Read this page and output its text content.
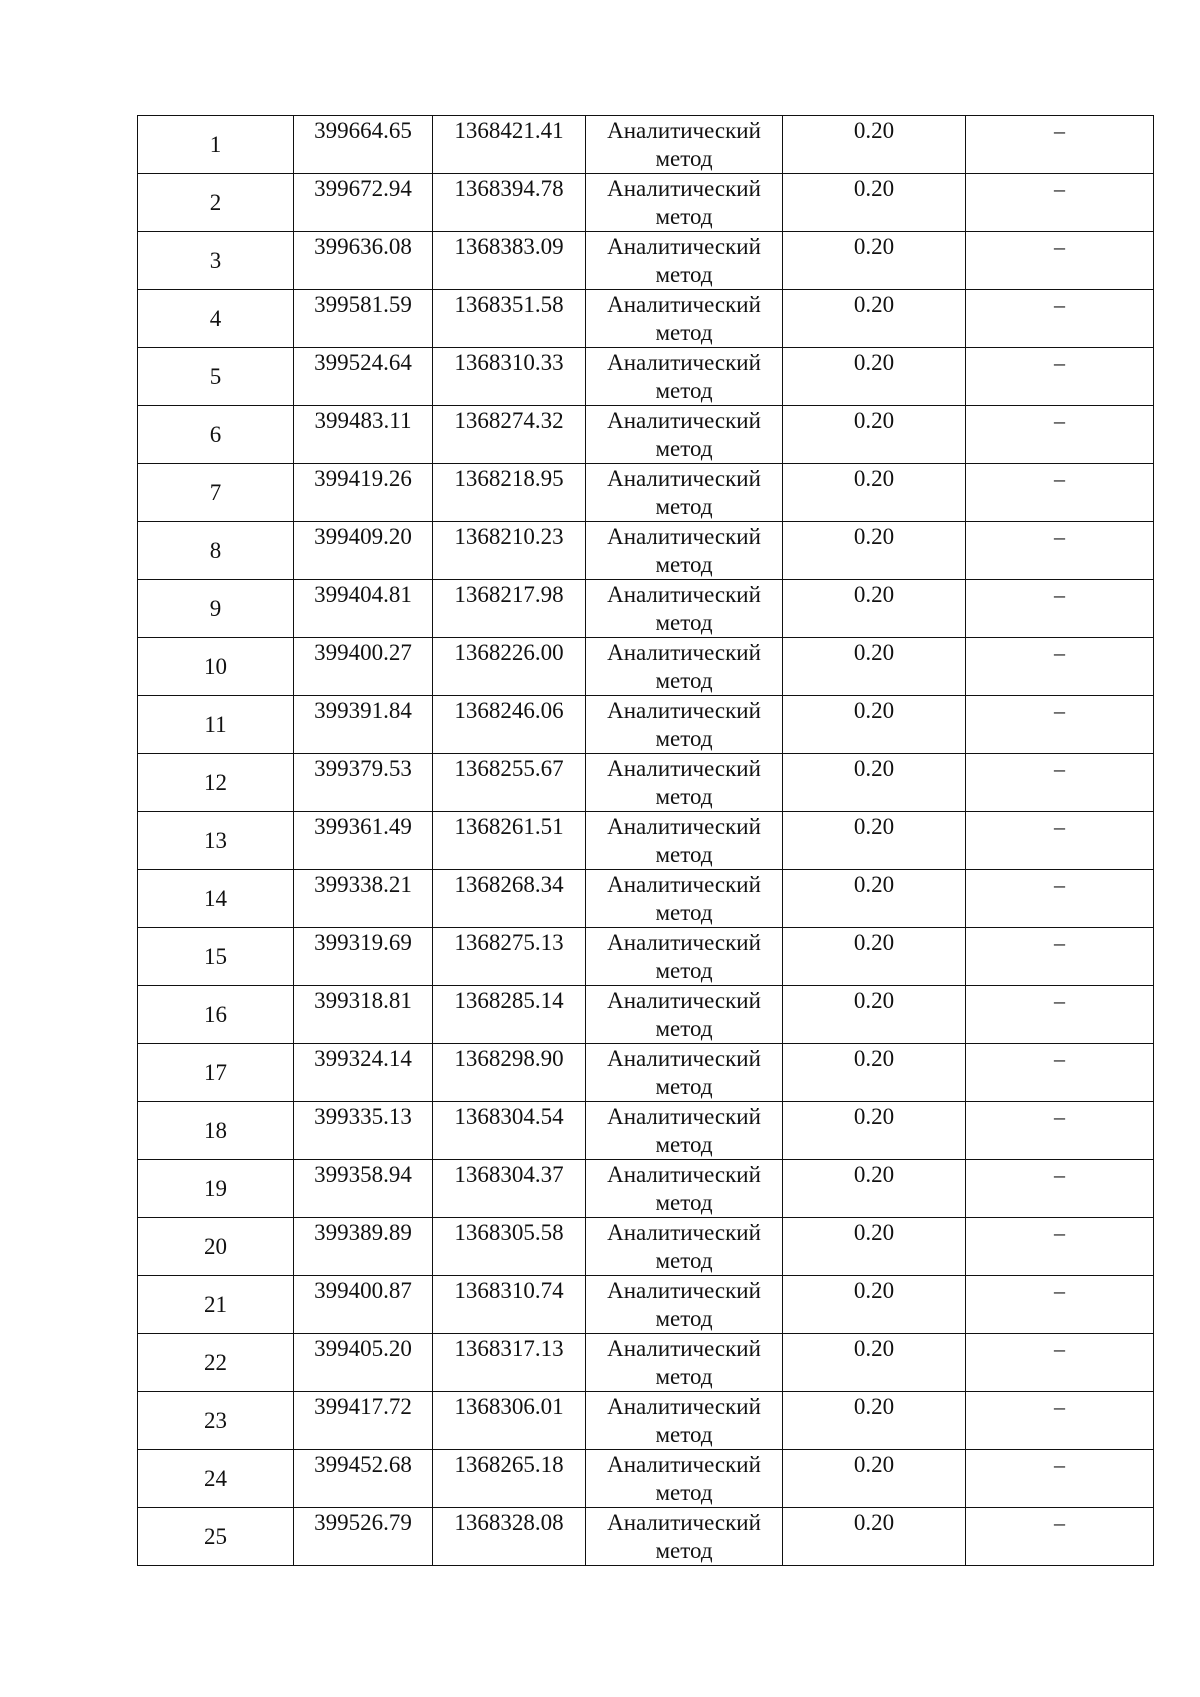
1	399664.65	1368421.41	Аналитический метод	0.20	–

2	399672.94	1368394.78	Аналитический метод	0.20	–

3	399636.08	1368383.09	Аналитический метод	0.20	–

4	399581.59	1368351.58	Аналитический метод	0.20	–

5	399524.64	1368310.33	Аналитический метод	0.20	–

6	399483.11	1368274.32	Аналитический метод	0.20	–

7	399419.26	1368218.95	Аналитический метод	0.20	–

8	399409.20	1368210.23	Аналитический метод	0.20	–

9	399404.81	1368217.98	Аналитический метод	0.20	–

10	399400.27	1368226.00	Аналитический метод	0.20	–

11	399391.84	1368246.06	Аналитический метод	0.20	–

12	399379.53	1368255.67	Аналитический метод	0.20	–

13	399361.49	1368261.51	Аналитический метод	0.20	–

14	399338.21	1368268.34	Аналитический метод	0.20	–

15	399319.69	1368275.13	Аналитический метод	0.20	–

16	399318.81	1368285.14	Аналитический метод	0.20	–

17	399324.14	1368298.90	Аналитический метод	0.20	–

18	399335.13	1368304.54	Аналитический метод	0.20	–

19	399358.94	1368304.37	Аналитический метод	0.20	–

20	399389.89	1368305.58	Аналитический метод	0.20	–

21	399400.87	1368310.74	Аналитический метод	0.20	–

22	399405.20	1368317.13	Аналитический метод	0.20	–

23	399417.72	1368306.01	Аналитический метод	0.20	–

24	399452.68	1368265.18	Аналитический метод	0.20	–

25	399526.79	1368328.08	Аналитический метод	0.20	–
